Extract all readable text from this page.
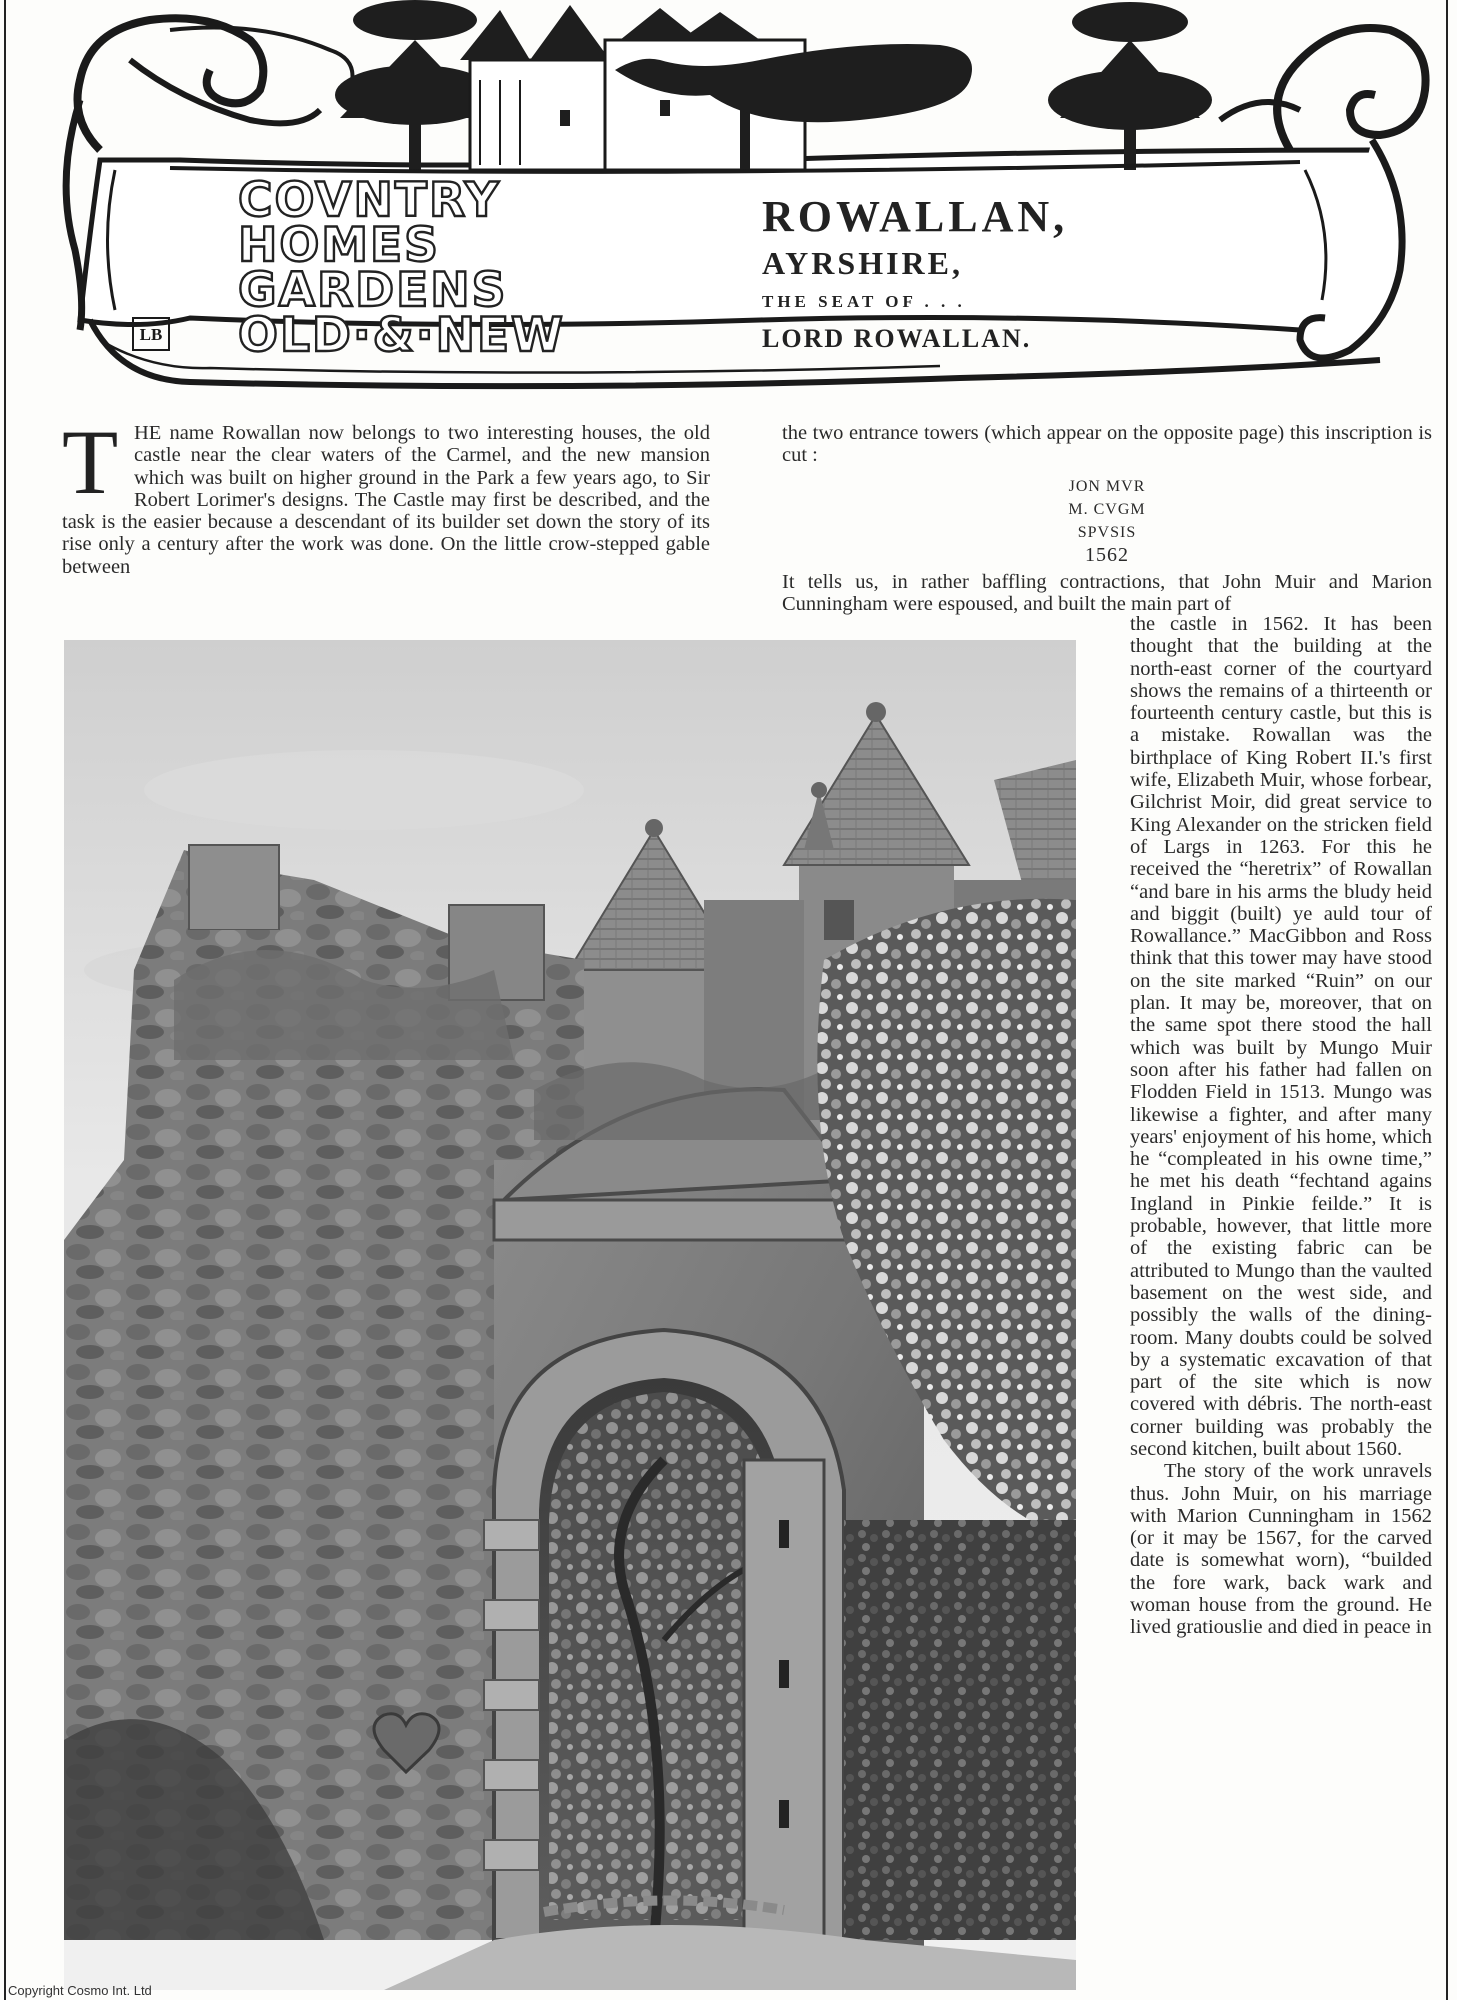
LB
COVNTRY
HOMES
GARDENS
OLD·&·NEW
ROWALLAN,
AYRSHIRE,
THE SEAT OF . . .
LORD ROWALLAN.
T HE name Rowallan now belongs to two interesting houses, the old castle near the clear waters of the Carmel, and the new mansion which was built on higher ground in the Park a few years ago, to Sir Robert Lorimer's designs. The Castle may first be described, and the task is the easier because a descendant of its builder set down the story of its rise only a century after the work was done. On the little crow-stepped gable between

the two entrance towers (which appear on the opposite page) this inscription is cut :

JON MVR
M. CVGM
SPVSIS
1562

It tells us, in rather baffling contractions, that John Muir and Marion Cunningham were espoused, and built the main part of

the castle in 1562. It has been thought that the building at the north-east corner of the courtyard shows the remains of a thirteenth or fourteenth century castle, but this is a mistake. Rowallan was the birthplace of King Robert II.'s first wife, Elizabeth Muir, whose forbear, Gilchrist Moir, did great service to King Alexander on the stricken field of Largs in 1263. For this he received the “heretrix” of Rowallan “and bare in his arms the bludy heid and biggit (built) ye auld tour of Rowallance.” MacGibbon and Ross think that this tower may have stood on the site marked “Ruin” on our plan. It may be, moreover, that on the same spot there stood the hall which was built by Mungo Muir soon after his father had fallen on Flodden Field in 1513. Mungo was likewise a fighter, and after many years' enjoyment of his home, which he “compleated in his owne time,” he met his death “fechtand agains Ingland in Pinkie feilde.” It is probable, however, that little more of the existing fabric can be attributed to Mungo than the vaulted basement on the west side, and possibly the walls of the dining-room. Many doubts could be solved by a systematic excavation of that part of the site which is now covered with débris. The north-east corner building was probably the second kitchen, built about 1560.

The story of the work unravels thus. John Muir, on his marriage with Marion Cunningham in 1562 (or it may be 1567, for the carved date is somewhat worn), “builded the fore wark, back wark and woman house from the ground. He lived gratiouslie and died in peace in

Copyright Cosmo Int. Ltd
